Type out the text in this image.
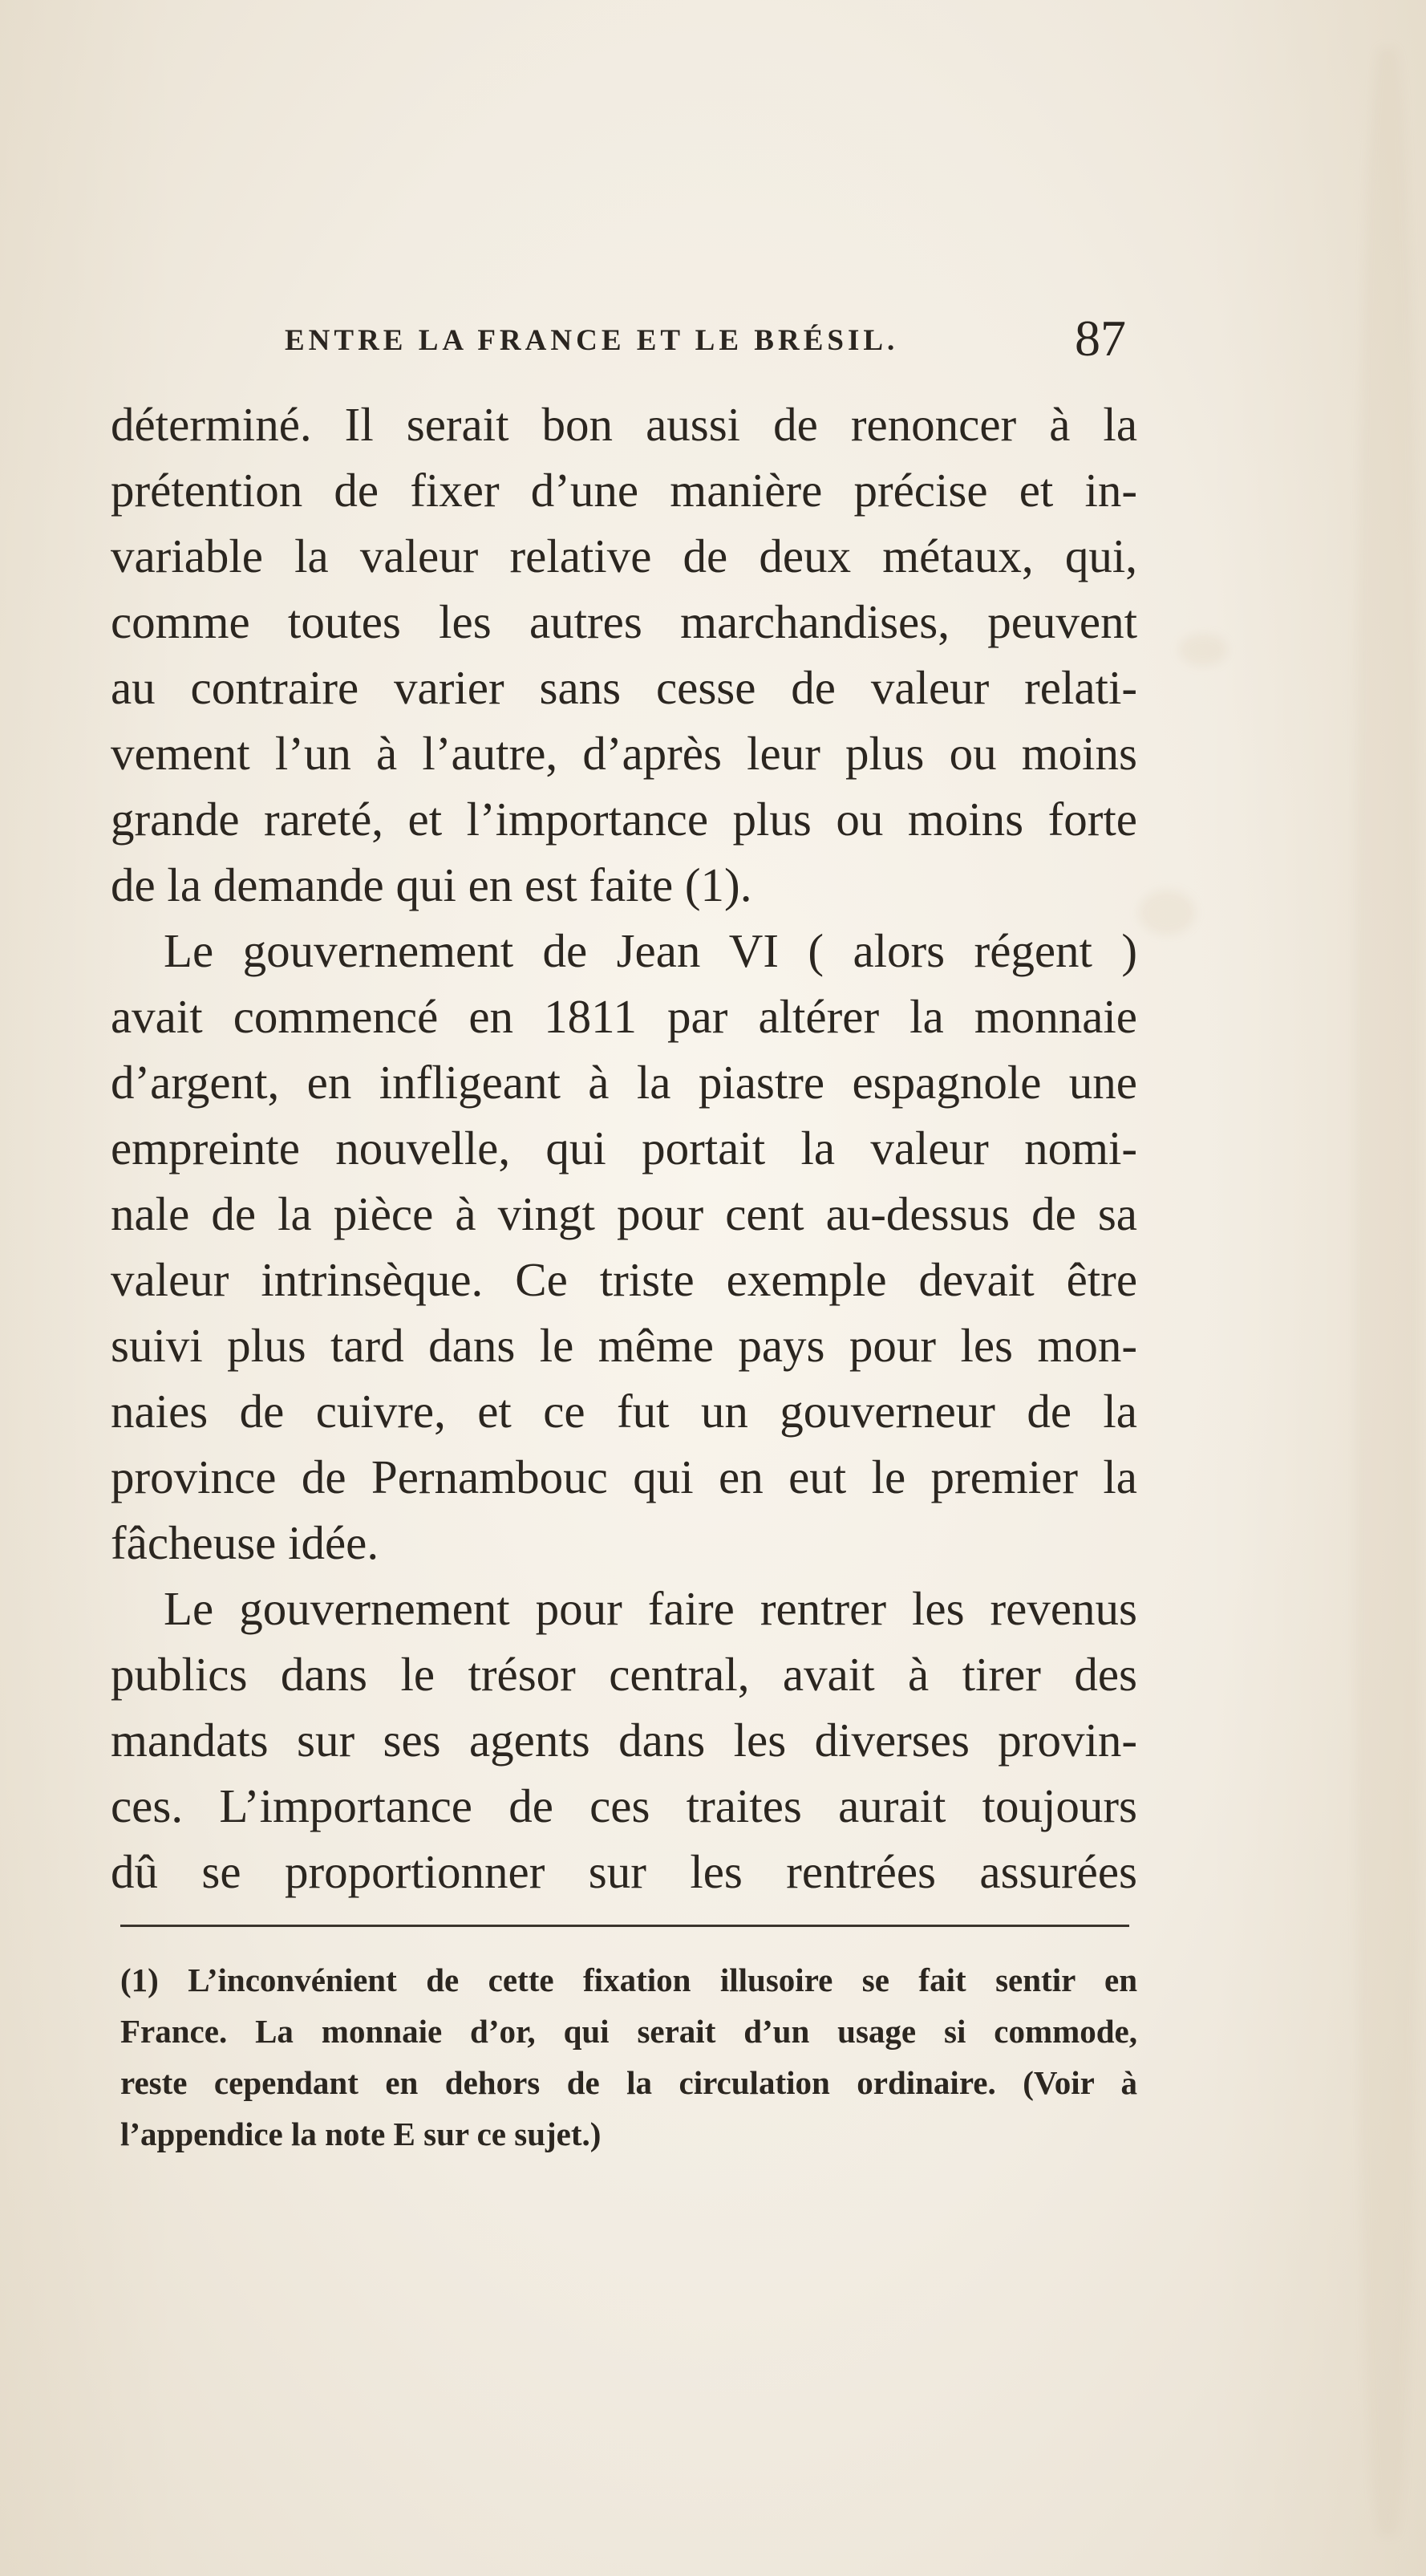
ENTRE LA FRANCE ET LE BRÉSIL.	87
déterminé. Il serait bon aussi de renoncer à la
prétention de fixer d’une manière précise et in-
variable la valeur relative de deux métaux, qui,
comme toutes les autres marchandises, peuvent
au contraire varier sans cesse de valeur relati-
vement l’un à l’autre, d’après leur plus ou moins
grande rareté, et l’importance plus ou moins forte
de la demande qui en est faite (1).
Le gouvernement de Jean VI ( alors régent )
avait commencé en 1811 par altérer la monnaie
d’argent, en infligeant à la piastre espagnole une
empreinte nouvelle, qui portait la valeur nomi-
nale de la pièce à vingt pour cent au-dessus de sa
valeur intrinsèque. Ce triste exemple devait être
suivi plus tard dans le même pays pour les mon-
naies de cuivre, et ce fut un gouverneur de la
province de Pernambouc qui en eut le premier la
fâcheuse idée.
Le gouvernement pour faire rentrer les revenus
publics dans le trésor central, avait à tirer des
mandats sur ses agents dans les diverses provin-
ces. L’importance de ces traites aurait toujours
dû se proportionner sur les rentrées assurées
(1) L’inconvénient de cette fixation illusoire se fait sentir en
France. La monnaie d’or, qui serait d’un usage si commode,
reste cependant en dehors de la circulation ordinaire. (Voir à
l’appendice la note E sur ce sujet.)
